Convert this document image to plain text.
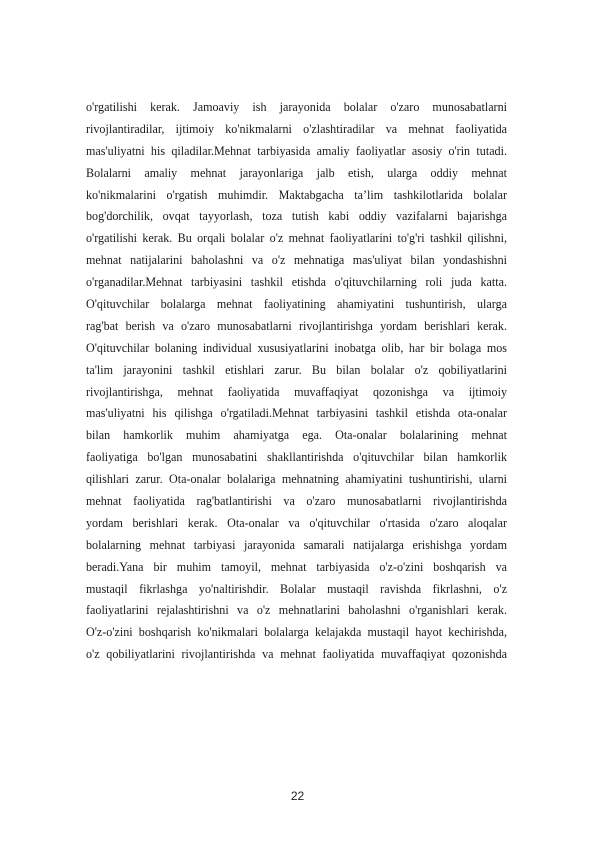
o'rgatilishi kerak. Jamoaviy ish jarayonida bolalar o'zaro munosabatlarni
rivojlantiradilar, ijtimoiy ko'nikmalarni o'zlashtiradilar va mehnat faoliyatida
mas'uliyatni his qiladilar.Mehnat tarbiyasida amaliy faoliyatlar asosiy o'rin tutadi.
Bolalarni amaliy mehnat jarayonlariga jalb etish, ularga oddiy mehnat
ko'nikmalarini o'rgatish muhimdir. Maktabgacha ta’lim tashkilotlarida bolalar
bog'dorchilik, ovqat tayyorlash, toza tutish kabi oddiy vazifalarni bajarishga
o'rgatilishi kerak. Bu orqali bolalar o'z mehnat faoliyatlarini to'g'ri tashkil qilishni,
mehnat natijalarini baholashni va o'z mehnatiga mas'uliyat bilan yondashishni
o'rganadilar.Mehnat tarbiyasini tashkil etishda o'qituvchilarning roli juda katta.
O'qituvchilar bolalarga mehnat faoliyatining ahamiyatini tushuntirish, ularga
rag'bat berish va o'zaro munosabatlarni rivojlantirishga yordam berishlari kerak.
O'qituvchilar bolaning individual xususiyatlarini inobatga olib, har bir bolaga mos
ta'lim jarayonini tashkil etishlari zarur. Bu bilan bolalar o'z qobiliyatlarini
rivojlantirishga, mehnat faoliyatida muvaffaqiyat qozonishga va ijtimoiy
mas'uliyatni his qilishga o'rgatiladi.Mehnat tarbiyasini tashkil etishda ota-onalar
bilan hamkorlik muhim ahamiyatga ega. Ota-onalar bolalarining mehnat
faoliyatiga bo'lgan munosabatini shakllantirishda o'qituvchilar bilan hamkorlik
qilishlari zarur. Ota-onalar bolalariga mehnatning ahamiyatini tushuntirishi, ularni
mehnat faoliyatida rag'batlantirishi va o'zaro munosabatlarni rivojlantirishda
yordam berishlari kerak. Ota-onalar va o'qituvchilar o'rtasida o'zaro aloqalar
bolalarning mehnat tarbiyasi jarayonida samarali natijalarga erishishga yordam
beradi.Yana bir muhim tamoyil, mehnat tarbiyasida o'z-o'zini boshqarish va
mustaqil fikrlashga yo'naltirishdir. Bolalar mustaqil ravishda fikrlashni, o'z
faoliyatlarini rejalashtirishni va o'z mehnatlarini baholashni o'rganishlari kerak.
O'z-o'zini boshqarish ko'nikmalari bolalarga kelajakda mustaqil hayot kechirishda,
o'z qobiliyatlarini rivojlantirishda va mehnat faoliyatida muvaffaqiyat qozonishda
22
